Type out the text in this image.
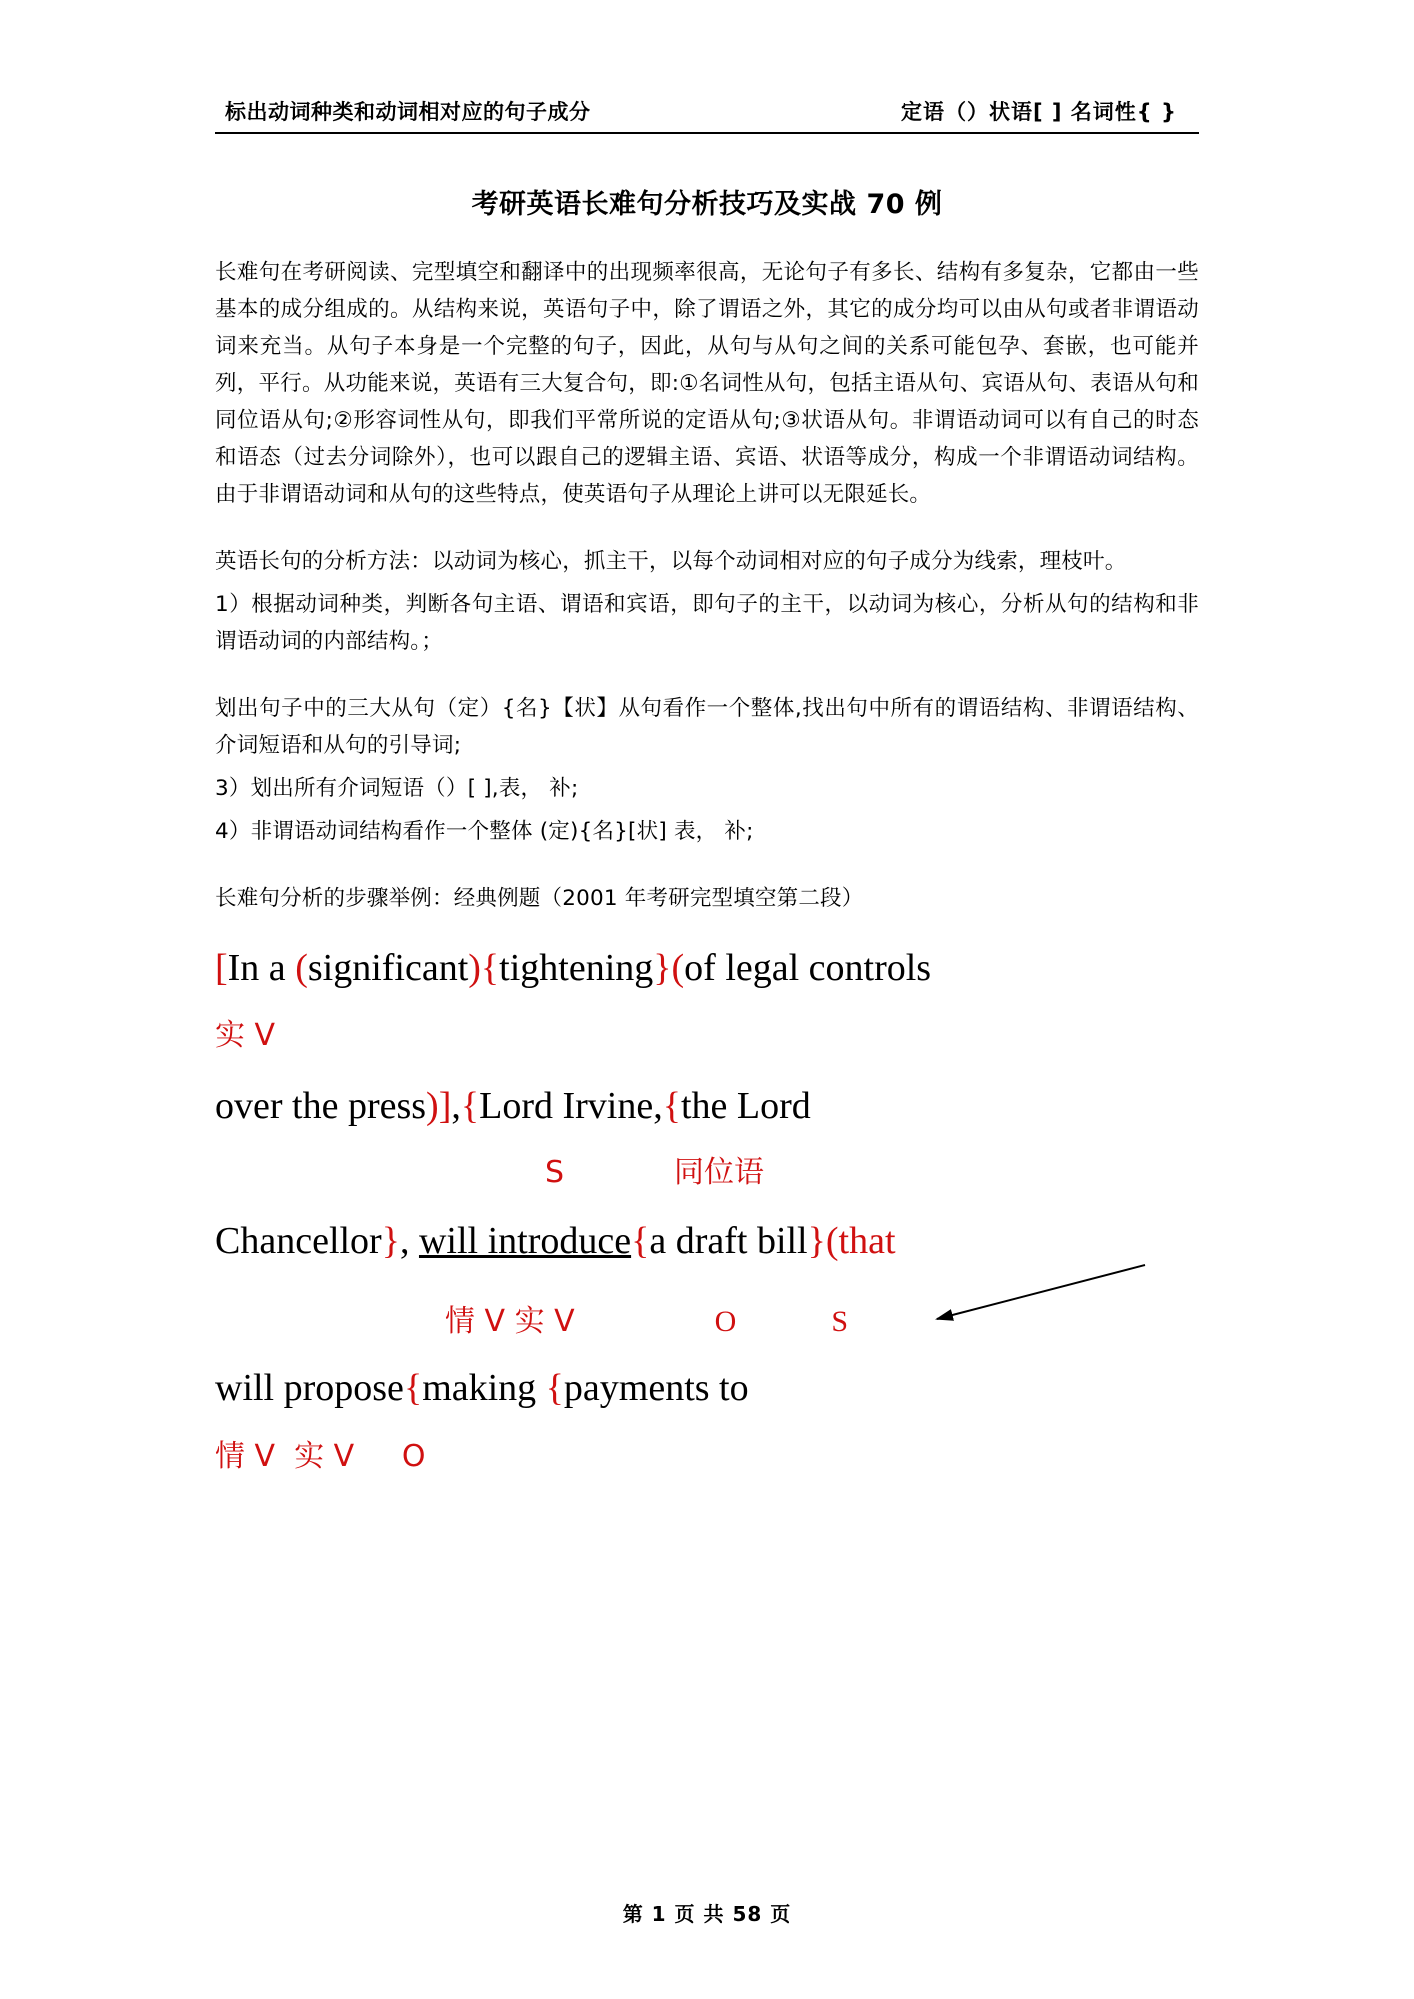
标出动词种类和动词相对应的句子成分	定语（）状语[ ] 名词性{ }
考研英语长难句分析技巧及实战 70 例

长难句在考研阅读、完型填空和翻译中的出现频率很高，无论句子有多长、结构有多复杂，它都由一些基本的成分组成的。从结构来说，英语句子中，除了谓语之外，其它的成分均可以由从句或者非谓语动词来充当。从句子本身是一个完整的句子，因此，从句与从句之间的关系可能包孕、套嵌，也可能并列，平行。从功能来说，英语有三大复合句，即:①名词性从句，包括主语从句、宾语从句、表语从句和同位语从句;②形容词性从句，即我们平常所说的定语从句;③状语从句。非谓语动词可以有自己的时态和语态（过去分词除外），也可以跟自己的逻辑主语、宾语、状语等成分，构成一个非谓语动词结构。由于非谓语动词和从句的这些特点，使英语句子从理论上讲可以无限延长。

英语长句的分析方法：以动词为核心，抓主干，以每个动词相对应的句子成分为线索，理枝叶。

1）根据动词种类，判断各句主语、谓语和宾语，即句子的主干，以动词为核心，分析从句的结构和非谓语动词的内部结构。；

划出句子中的三大从句（定）{名}【状】从句看作一个整体,找出句中所有的谓语结构、非谓语结构、介词短语和从句的引导词;

3）划出所有介词短语（）[ ],表， 补;

4）非谓语动词结构看作一个整体 (定){名}[状] 表， 补;

长难句分析的步骤举例：经典例题（2001 年考研完型填空第二段）

[In a (significant){tightening}(of legal controls
实 V
over the press)],{Lord Irvine,{the Lord
S	同位语
Chancellor}, will introduce{a draft bill}(that
情 V 实 V	O	S
will propose{making {payments to
情 V  实 V     O
第 1 页 共 58 页
